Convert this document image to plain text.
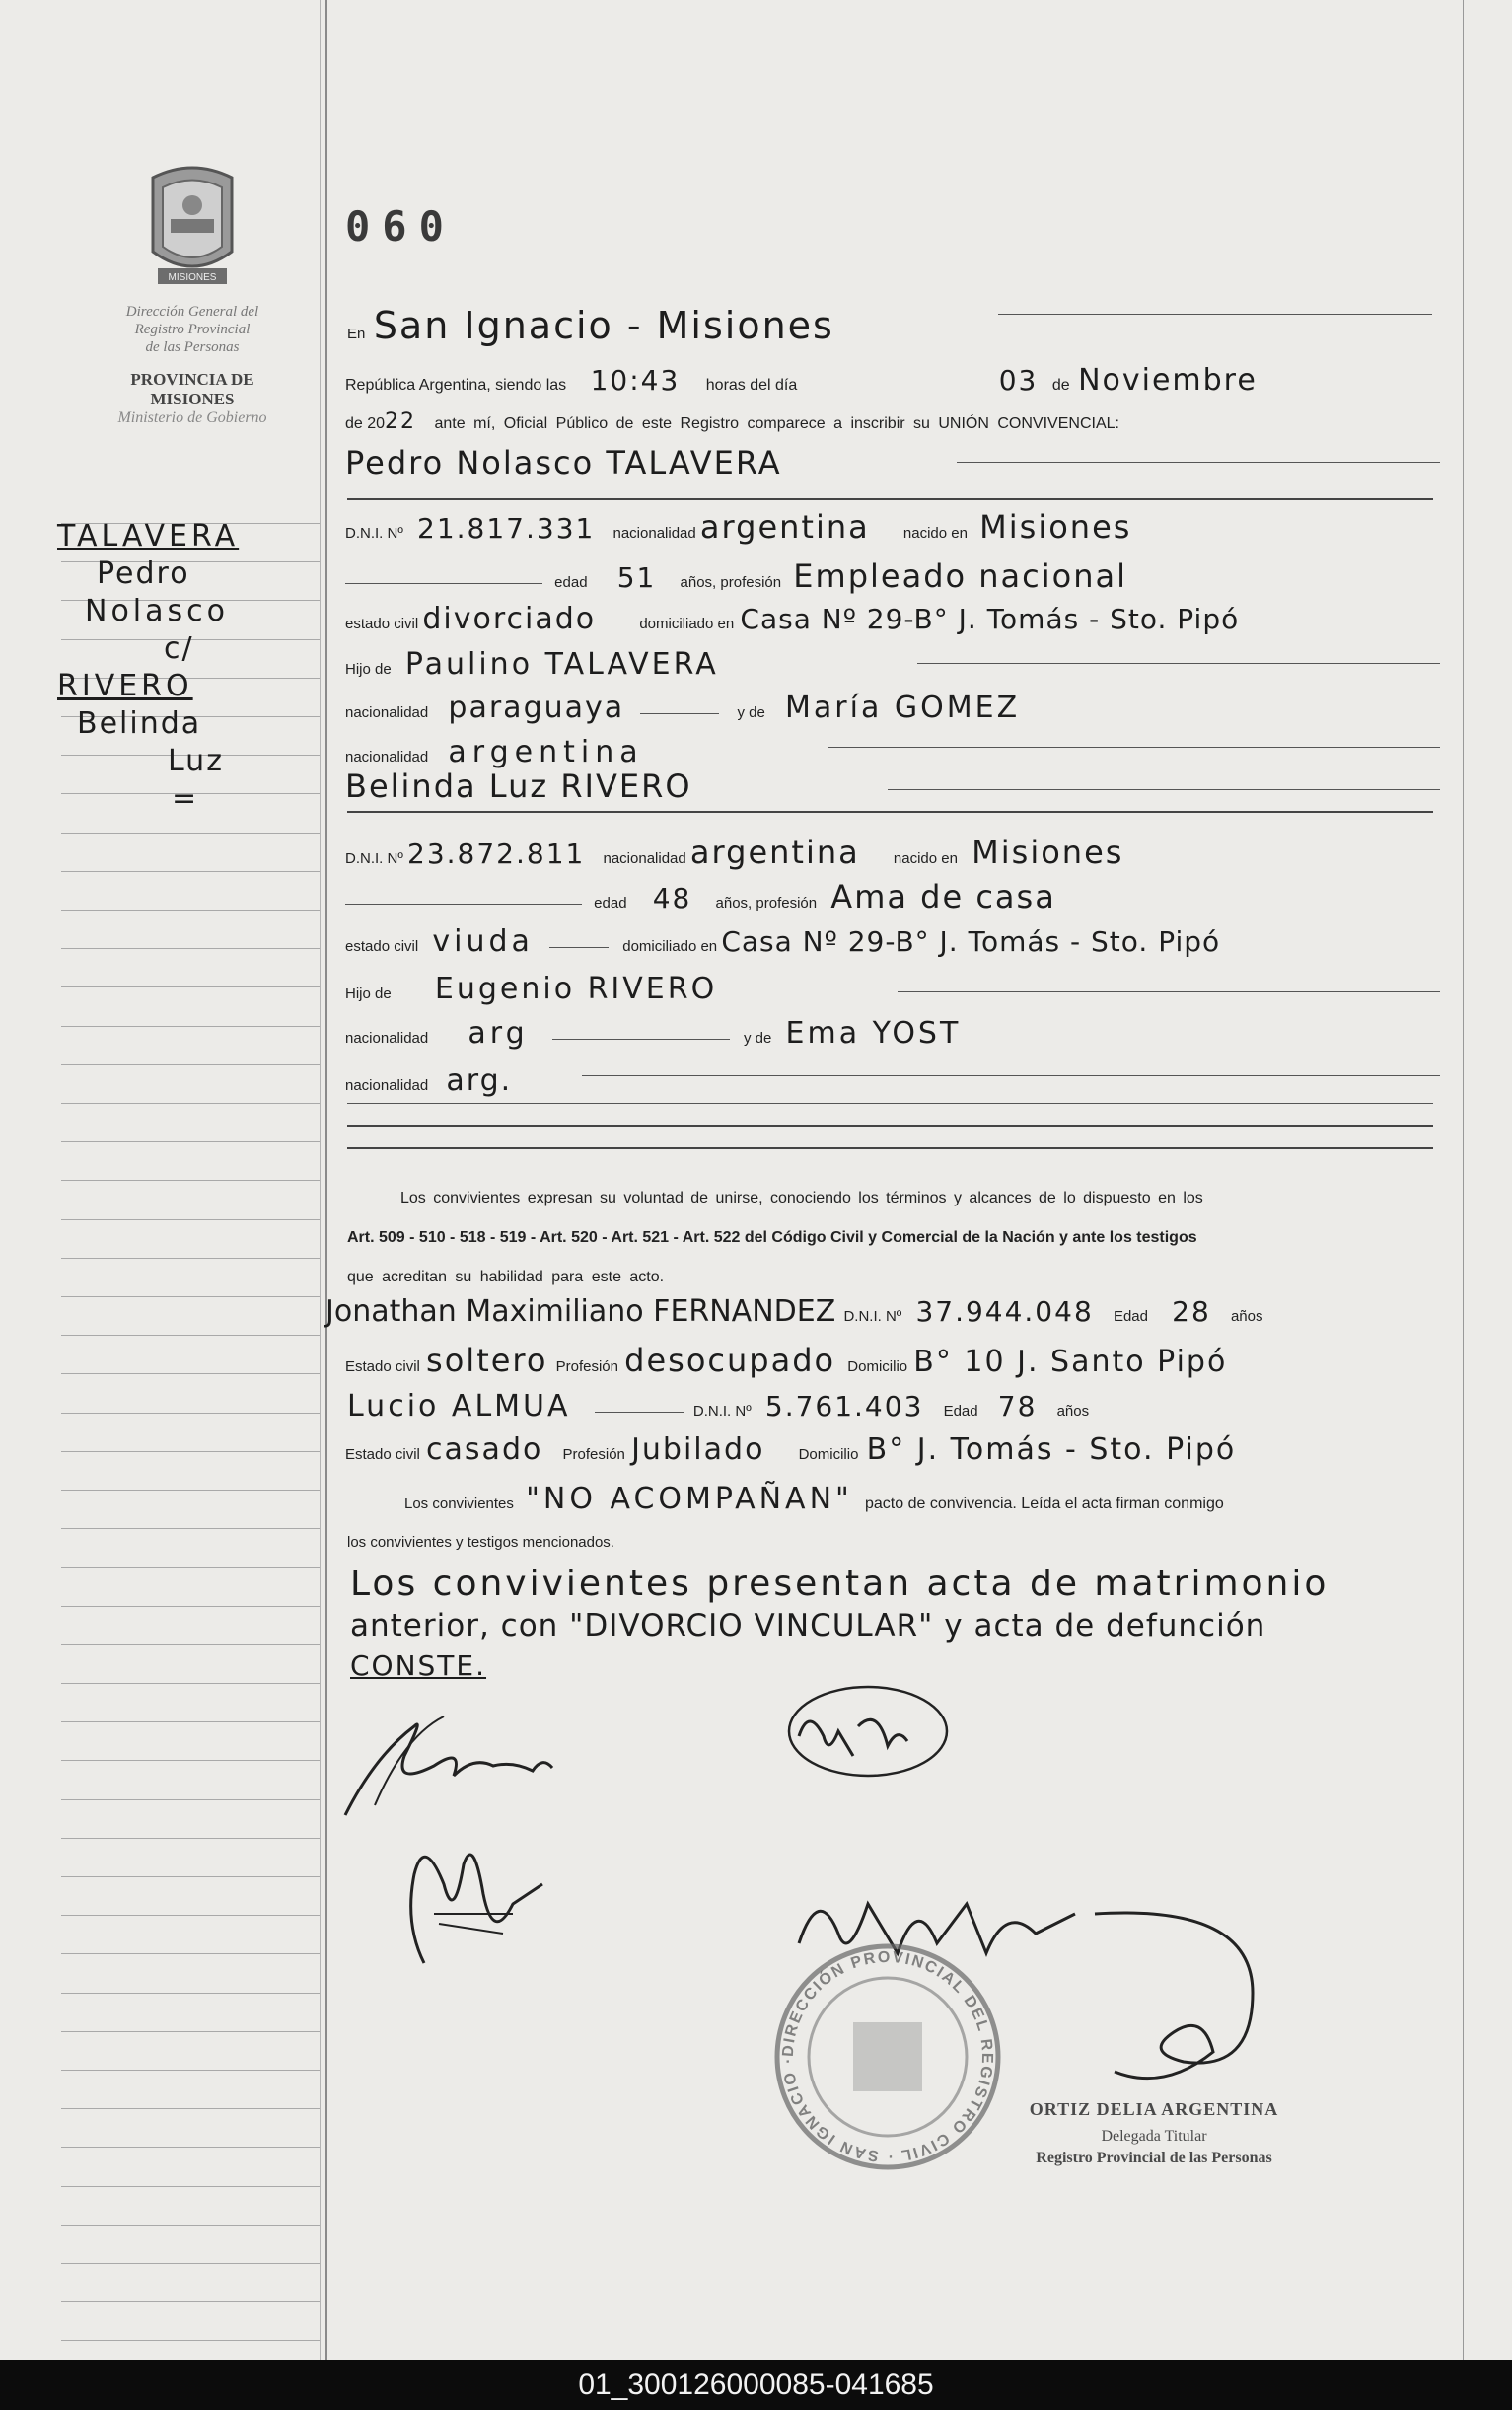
MISIONES
Dirección General del
Registro Provincial
de las Personas
PROVINCIA DE
MISIONES
Ministerio de Gobierno
TALAVERA
Pedro
Nolasco
c/
RIVERO
Belinda
Luz
=
060
En San Ignacio - Misiones
República Argentina, siendo las 10:43 horas del día	03 de Noviembre
de 2022 ante mí, Oficial Público de este Registro comparece a inscribir su UNIÓN CONVIVENCIAL:
Pedro Nolasco TALAVERA
D.N.I. Nº 21.817.331 nacionalidad argentina nacido en Misiones
edad 51 años, profesión Empleado nacional
estado civil divorciado	domiciliado en Casa Nº 29-B° J. Tomás - Sto. Pipó
Hijo de Paulino TALAVERA
nacionalidad paraguaya	y de María GOMEZ
nacionalidad argentina
Belinda Luz RIVERO
D.N.I. Nº 23.872.811 nacionalidad argentina nacido en Misiones
edad 48 años, profesión Ama de casa
estado civil viuda	domiciliado en Casa Nº 29-B° J. Tomás - Sto. Pipó
Hijo de Eugenio RIVERO
nacionalidad arg	y de Ema YOST
nacionalidad arg.
Los convivientes expresan su voluntad de unirse, conociendo los términos y alcances de lo dispuesto en los
Art. 509 - 510 - 518 - 519 - Art. 520 - Art. 521 - Art. 522 del Código Civil y Comercial de la Nación y ante los testigos
que acreditan su habilidad para este acto.
Jonathan Maximiliano FERNANDEZ D.N.I. Nº 37.944.048 Edad 28 años
Estado civil soltero Profesión desocupado Domicilio B° 10 J. Santo Pipó
Lucio ALMUA	D.N.I. Nº 5.761.403 Edad 78 años
Estado civil casado Profesión Jubilado Domicilio B° J. Tomás - Sto. Pipó
Los convivientes "NO ACOMPAÑAN" pacto de convivencia. Leída el acta firman conmigo
los convivientes y testigos mencionados.
Los convivientes presentan acta de matrimonio
anterior, con "DIVORCIO VINCULAR" y acta de defunción
CONSTE.
DIRECCIÓN PROVINCIAL DEL REGISTRO CIVIL · SAN IGNACIO ·
ORTIZ DELIA ARGENTINA
Delegada Titular
Registro Provincial de las Personas
01_300126000085-041685
